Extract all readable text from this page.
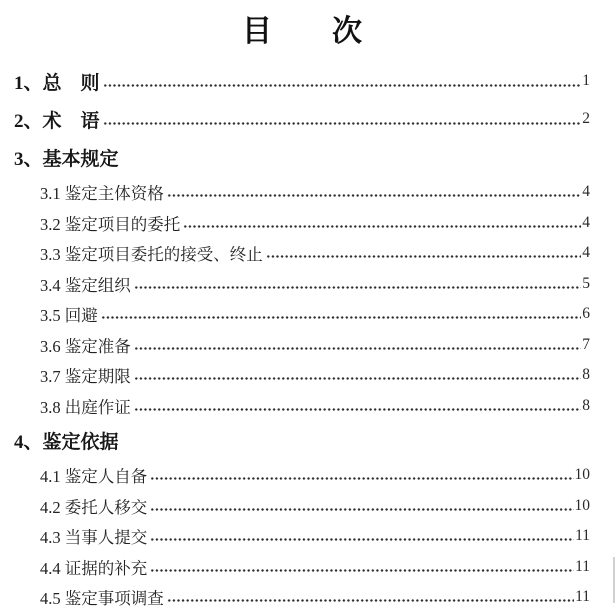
目　　次
1、总　则	1
2、术　语	2
3、基本规定
3.1 鉴定主体资格	4
3.2 鉴定项目的委托	4
3.3 鉴定项目委托的接受、终止	4
3.4 鉴定组织	5
3.5 回避	6
3.6 鉴定准备	7
3.7 鉴定期限	8
3.8 出庭作证	8
4、鉴定依据
4.1 鉴定人自备	10
4.2 委托人移交	10
4.3 当事人提交	11
4.4 证据的补充	11
4.5 鉴定事项调查	11
